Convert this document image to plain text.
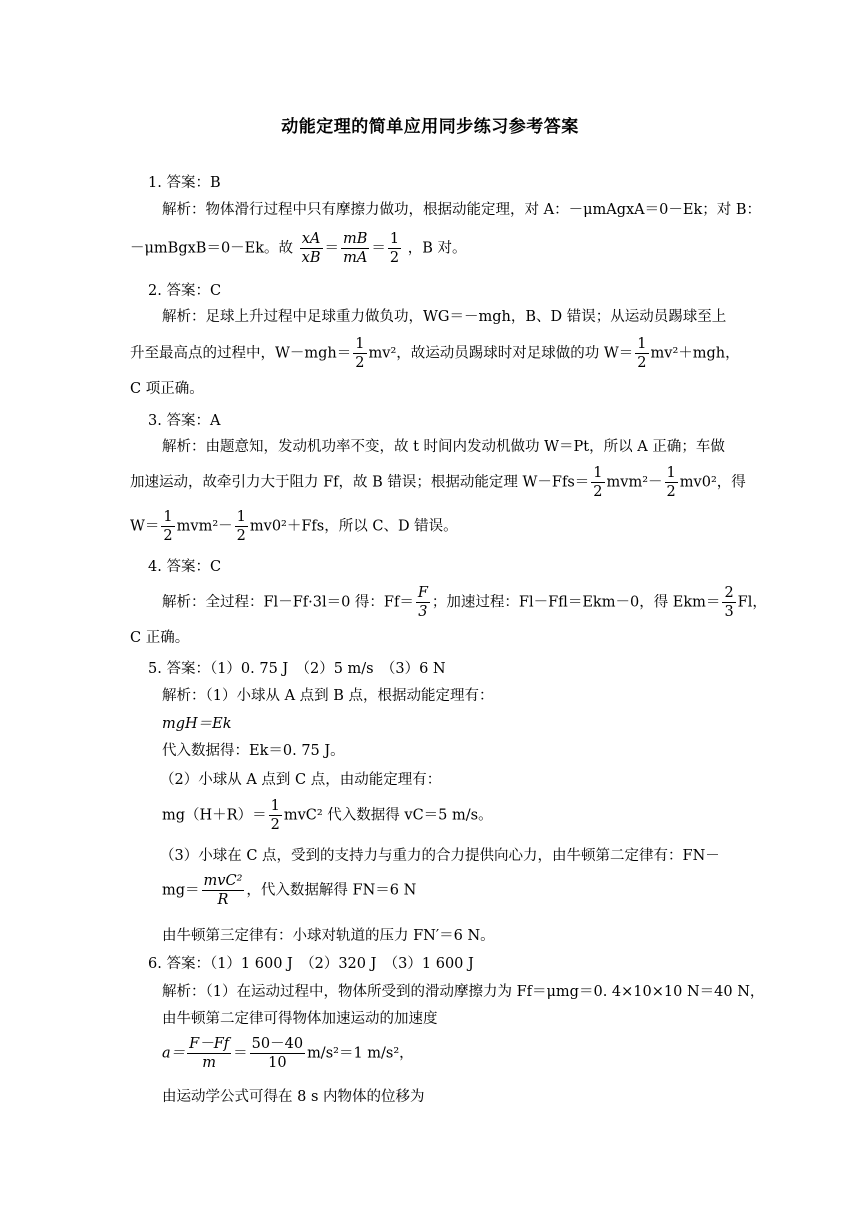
动能定理的简单应用同步练习参考答案
1. 答案：B
解析：物体滑行过程中只有摩擦力做功，根据动能定理，对 A：－μmAgxA＝0－Ek；对 B：
－μmBgxB＝0－Ek。故 $\frac{xA}{xB} = \frac{mB}{mA} = \frac{1}{2}$ ，B 对。
2. 答案：C
解析：足球上升过程中足球重力做负功，WG＝－mgh，B、D 错误；从运动员踢球至上
升至最高点的过程中，$W-mgh= \frac{1}{2} mv^2$，故运动员踢球时对足球做的功 $W= \frac{1}{2} mv^2+mgh$，
C 项正确。
3. 答案：A
解析：由题意知，发动机功率不变，故 t 时间内发动机做功 W＝Pt，所以 A 正确；车做
加速运动，故牵引力大于阻力 Ff，故 B 错误；根据动能定理 $W-Ffs= \frac{1}{2} mvm^2- \frac{1}{2} mv0^2$，得
$W= \frac{1}{2} mvm^2- \frac{1}{2} mv0^2+Ffs$，所以 C、D 错误。
4. 答案：C
解析：全过程：Fl－Ff·3l＝0 得：$Ff= \frac{F}{3}$ ；加速过程：Fl－Ffl＝Ekm－0，得 $Ekm= \frac{2}{3}$ Fl，
C 正确。
5. 答案：（1）0. 75 J　（2）5 m/s　（3）6 N
解析：（1）小球从 A 点到 B 点，根据动能定理有：
mgH＝Ek
代入数据得：Ek＝0. 75 J。
（2）小球从 A 点到 C 点，由动能定理有：
$mg(H+R)= \frac{1}{2} mvC^2$ 代入数据得 vC＝5 m/s。
（3）小球在 C 点，受到的支持力与重力的合力提供向心力，由牛顿第二定律有：FN－
$mg= \frac{\text{mvC²}}{R}$ ，代入数据解得 FN＝6 N
由牛顿第三定律有：小球对轨道的压力 FN′＝6 N。
6. 答案：（1）1 600 J　（2）320 J　（3）1 600 J
解析：（1）在运动过程中，物体所受到的滑动摩擦力为 Ff＝μmg＝0. 4×10×10 N＝40 N，
由牛顿第二定律可得物体加速运动的加速度
$a= \frac{F-Ff}{m} = \frac{50-40}{10} m/s^2=1$ m/s²，
由运动学公式可得在 8 s 内物体的位移为
